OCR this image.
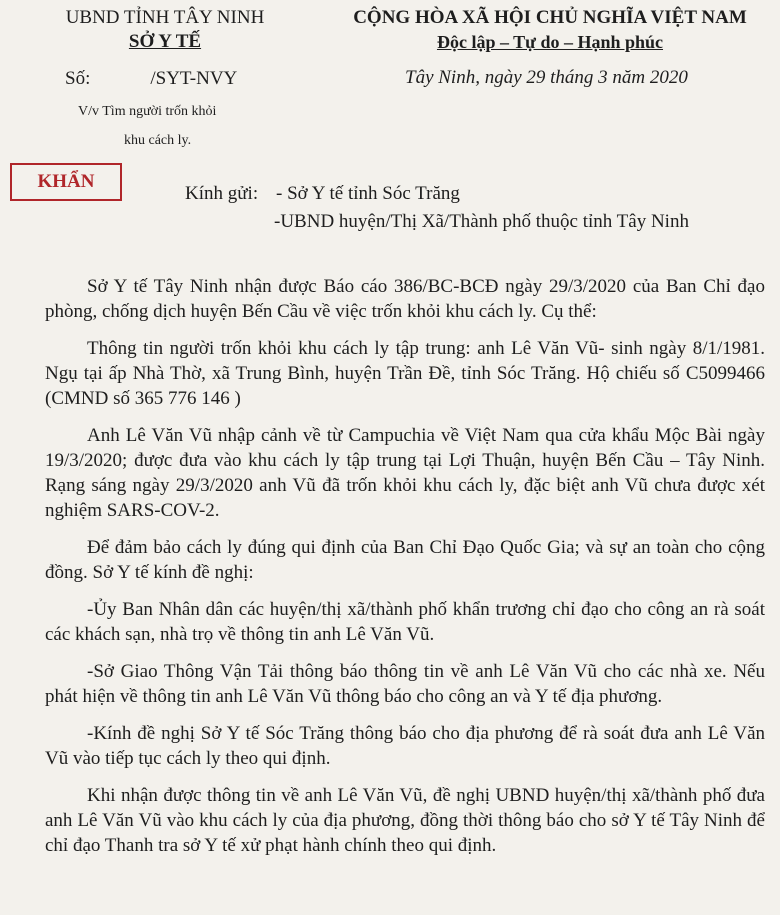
UBND TỈNH TÂY NINH
SỞ Y TẾ
CỘNG HÒA XÃ HỘI CHỦ NGHĨA VIỆT NAM
Độc lập – Tự do – Hạnh phúc
Số:	/SYT-NVY	Tây Ninh, ngày 29 tháng 3 năm 2020
V/v Tìm người trốn khỏi
khu cách ly.
KHẨN
Kính gửi: - Sở Y tế tỉnh Sóc Trăng
-UBND huyện/Thị Xã/Thành phố thuộc tỉnh Tây Ninh

Sở Y tế Tây Ninh nhận được Báo cáo 386/BC-BCĐ ngày 29/3/2020 của Ban Chỉ đạo phòng, chống dịch huyện Bến Cầu về việc trốn khỏi khu cách ly. Cụ thể:

Thông tin người trốn khỏi khu cách ly tập trung: anh Lê Văn Vũ- sinh ngày 8/1/1981. Ngụ tại ấp Nhà Thờ, xã Trung Bình, huyện Trần Đề, tỉnh Sóc Trăng. Hộ chiếu số C5099466 (CMND số 365 776 146 )

Anh Lê Văn Vũ nhập cảnh về từ Campuchia về Việt Nam qua cửa khẩu Mộc Bài ngày 19/3/2020; được đưa vào khu cách ly tập trung tại Lợi Thuận, huyện Bến Cầu – Tây Ninh. Rạng sáng ngày 29/3/2020 anh Vũ đã trốn khỏi khu cách ly, đặc biệt anh Vũ chưa được xét nghiệm SARS-COV-2.

Để đảm bảo cách ly đúng qui định của Ban Chỉ Đạo Quốc Gia; và sự an toàn cho cộng đồng. Sở Y tế kính đề nghị:

-Ủy Ban Nhân dân các huyện/thị xã/thành phố khẩn trương chỉ đạo cho công an rà soát các khách sạn, nhà trọ về thông tin anh Lê Văn Vũ.

-Sở Giao Thông Vận Tải thông báo thông tin về anh Lê Văn Vũ cho các nhà xe. Nếu phát hiện về thông tin anh Lê Văn Vũ thông báo cho công an và Y tế địa phương.

-Kính đề nghị Sở Y tế Sóc Trăng thông báo cho địa phương để rà soát đưa anh Lê Văn Vũ vào tiếp tục cách ly theo qui định.

Khi nhận được thông tin về anh Lê Văn Vũ, đề nghị UBND huyện/thị xã/thành phố đưa anh Lê Văn Vũ vào khu cách ly của địa phương, đồng thời thông báo cho sở Y tế Tây Ninh để chỉ đạo Thanh tra sở Y tế xử phạt hành chính theo qui định.
